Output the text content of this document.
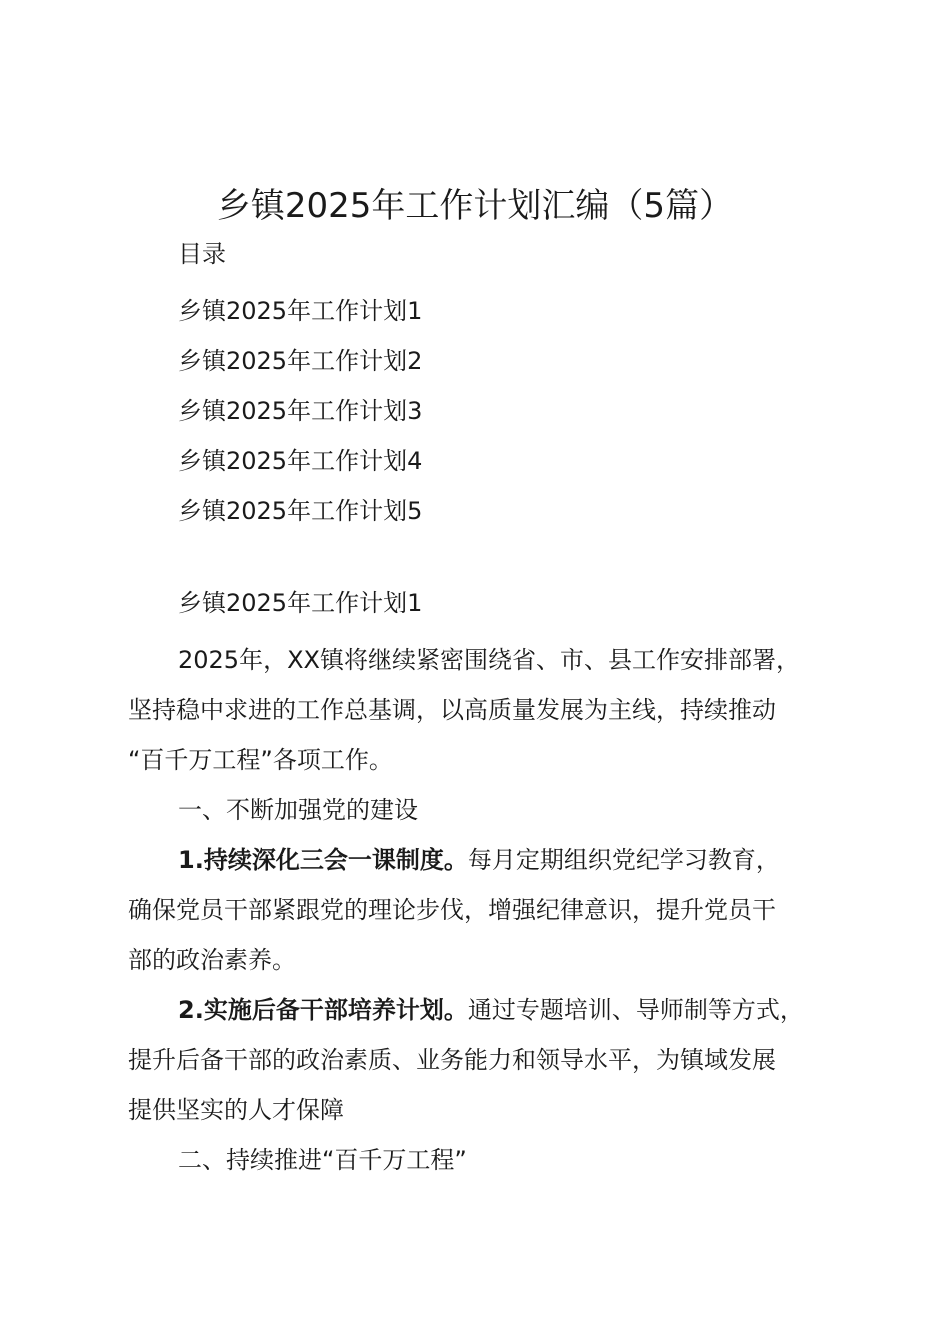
乡镇2025年工作计划汇编（5篇）
目录
乡镇2025年工作计划1
乡镇2025年工作计划2
乡镇2025年工作计划3
乡镇2025年工作计划4
乡镇2025年工作计划5
乡镇2025年工作计划1

2025年，XX镇将继续紧密围绕省、市、县工作安排部署，
坚持稳中求进的工作总基调，以高质量发展为主线，持续推动
“百千万工程”各项工作。

一、不断加强党的建设

1.持续深化三会一课制度。每月定期组织党纪学习教育，
确保党员干部紧跟党的理论步伐，增强纪律意识，提升党员干
部的政治素养。

2.实施后备干部培养计划。通过专题培训、导师制等方式，
提升后备干部的政治素质、业务能力和领导水平，为镇域发展
提供坚实的人才保障

二、持续推进“百千万工程”
